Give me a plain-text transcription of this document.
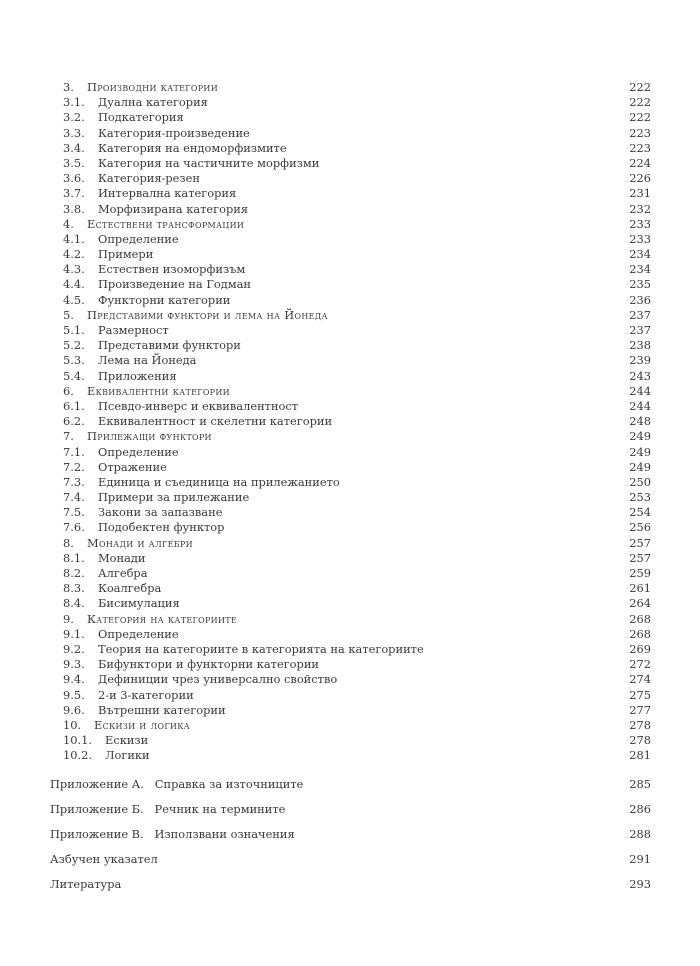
3. Производни категории	222
3.1. Дуална категория	222
3.2. Подкатегория	222
3.3. Категория-произведение	223
3.4. Категория на ендоморфизмите	223
3.5. Категория на частичните морфизми	224
3.6. Категория-резен	226
3.7. Интервална категория	231
3.8. Морфизирана категория	232
4. Естествени трансформации	233
4.1. Определение	233
4.2. Примери	234
4.3. Естествен изоморфизъм	234
4.4. Произведение на Годман	235
4.5. Функторни категории	236
5. Представими функтори и лема на Йонеда	237
5.1. Размерност	237
5.2. Представими функтори	238
5.3. Лема на Йонеда	239
5.4. Приложения	243
6. Еквивалентни категории	244
6.1. Псевдо-инверс и еквивалентност	244
6.2. Еквивалентност и скелетни категории	248
7. Прилежащи функтори	249
7.1. Определение	249
7.2. Отражение	249
7.3. Единица и съединица на прилежанието	250
7.4. Примери за прилежание	253
7.5. Закони за запазване	254
7.6. Подобектен функтор	256
8. Монади и алгебри	257
8.1. Монади	257
8.2. Алгебра	259
8.3. Коалгебра	261
8.4. Бисимулация	264
9. Категория на категориите	268
9.1. Определение	268
9.2. Теория на категориите в категорията на категориите	269
9.3. Бифунктори и функторни категории	272
9.4. Дефиниции чрез универсално свойство	274
9.5. 2-и 3-категории	275
9.6. Вътрешни категории	277
10. Ескизи и логика	278
10.1. Ескизи	278
10.2. Логики	281
Приложение А.   Справка за източниците	285
Приложение Б.   Речник на термините	286
Приложение В.   Използвани означения	288
Азбучен указател	291
Литература	293
